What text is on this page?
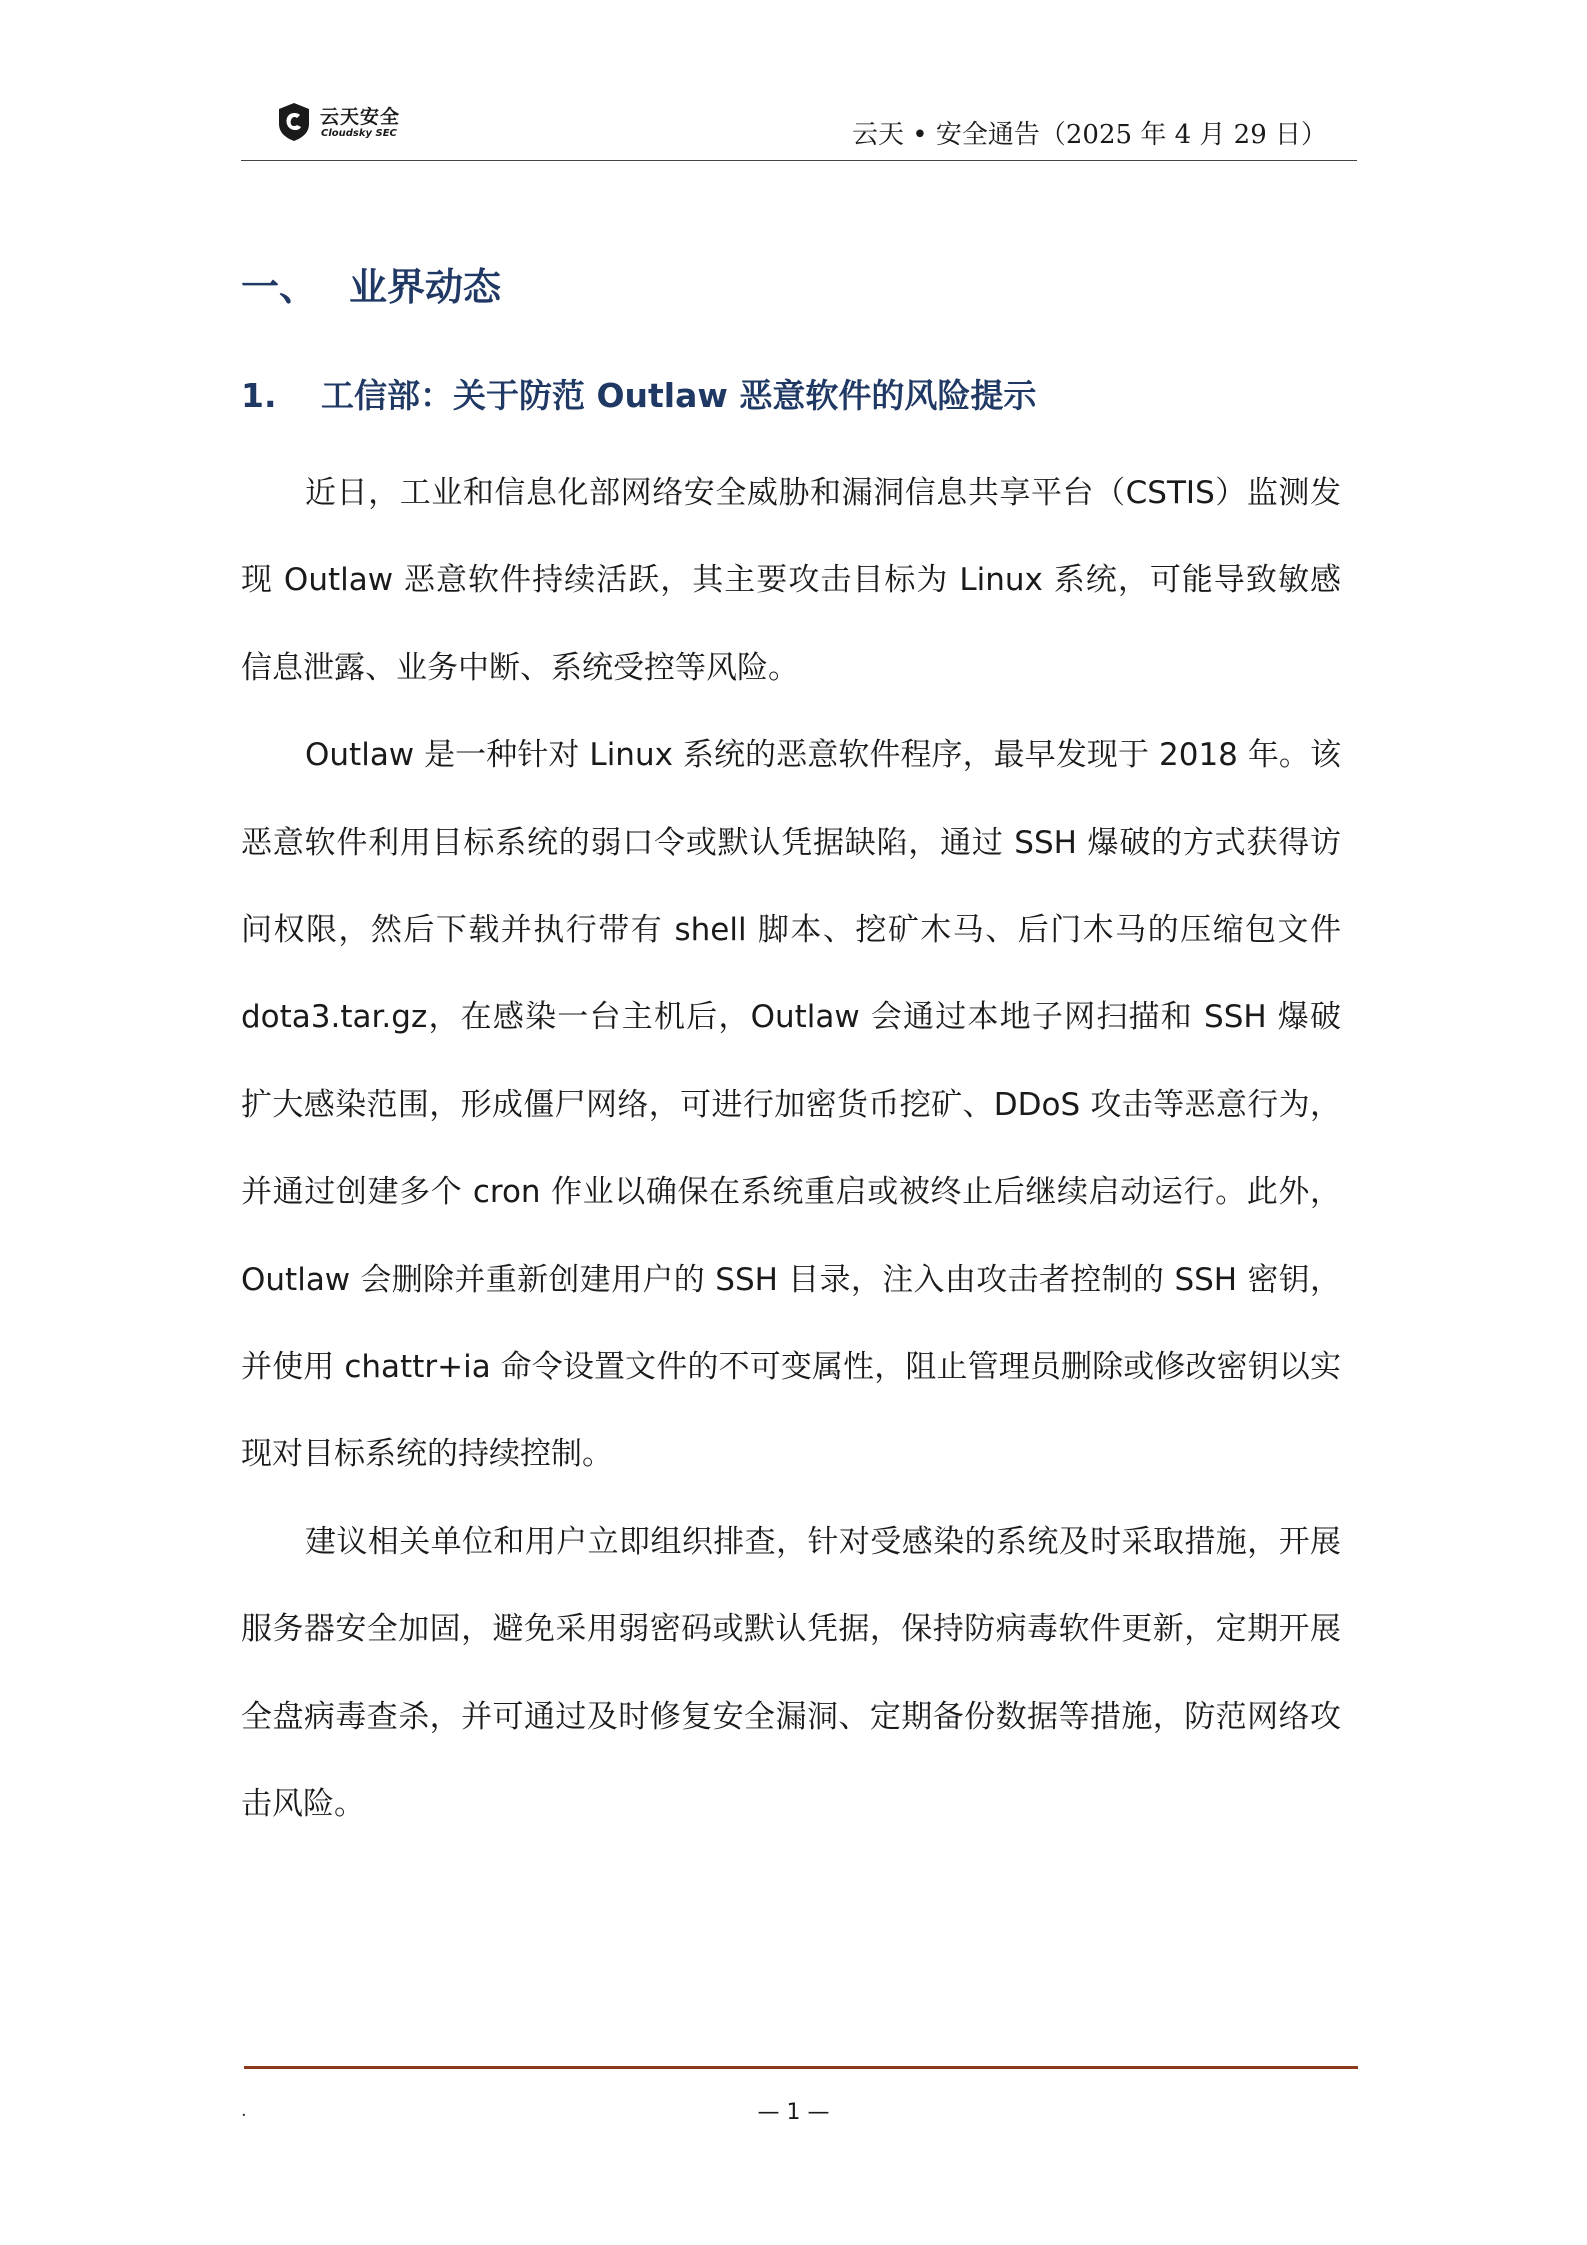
云天安全
Cloudsky SEC	云天 • 安全通告（2025 年 4 月 29 日）
一、 业界动态
1. 工信部：关于防范 Outlaw 恶意软件的风险提示

近日，工业和信息化部网络安全威胁和漏洞信息共享平台（CSTIS）监测发现 Outlaw 恶意软件持续活跃，其主要攻击目标为 Linux 系统，可能导致敏感信息泄露、业务中断、系统受控等风险。

Outlaw 是一种针对 Linux 系统的恶意软件程序，最早发现于 2018 年。该恶意软件利用目标系统的弱口令或默认凭据缺陷，通过 SSH 爆破的方式获得访问权限，然后下载并执行带有 shell 脚本、挖矿木马、后门木马的压缩包文件 dota3.tar.gz，在感染一台主机后，Outlaw 会通过本地子网扫描和 SSH 爆破扩大感染范围，形成僵尸网络，可进行加密货币挖矿、DDoS 攻击等恶意行为，并通过创建多个 cron 作业以确保在系统重启或被终止后继续启动运行。此外，Outlaw 会删除并重新创建用户的 SSH 目录，注入由攻击者控制的 SSH 密钥，并使用 chattr+ia 命令设置文件的不可变属性，阻止管理员删除或修改密钥以实现对目标系统的持续控制。

建议相关单位和用户立即组织排查，针对受感染的系统及时采取措施，开展服务器安全加固，避免采用弱密码或默认凭据，保持防病毒软件更新，定期开展全盘病毒查杀，并可通过及时修复安全漏洞、定期备份数据等措施，防范网络攻击风险。

.	— 1 —
